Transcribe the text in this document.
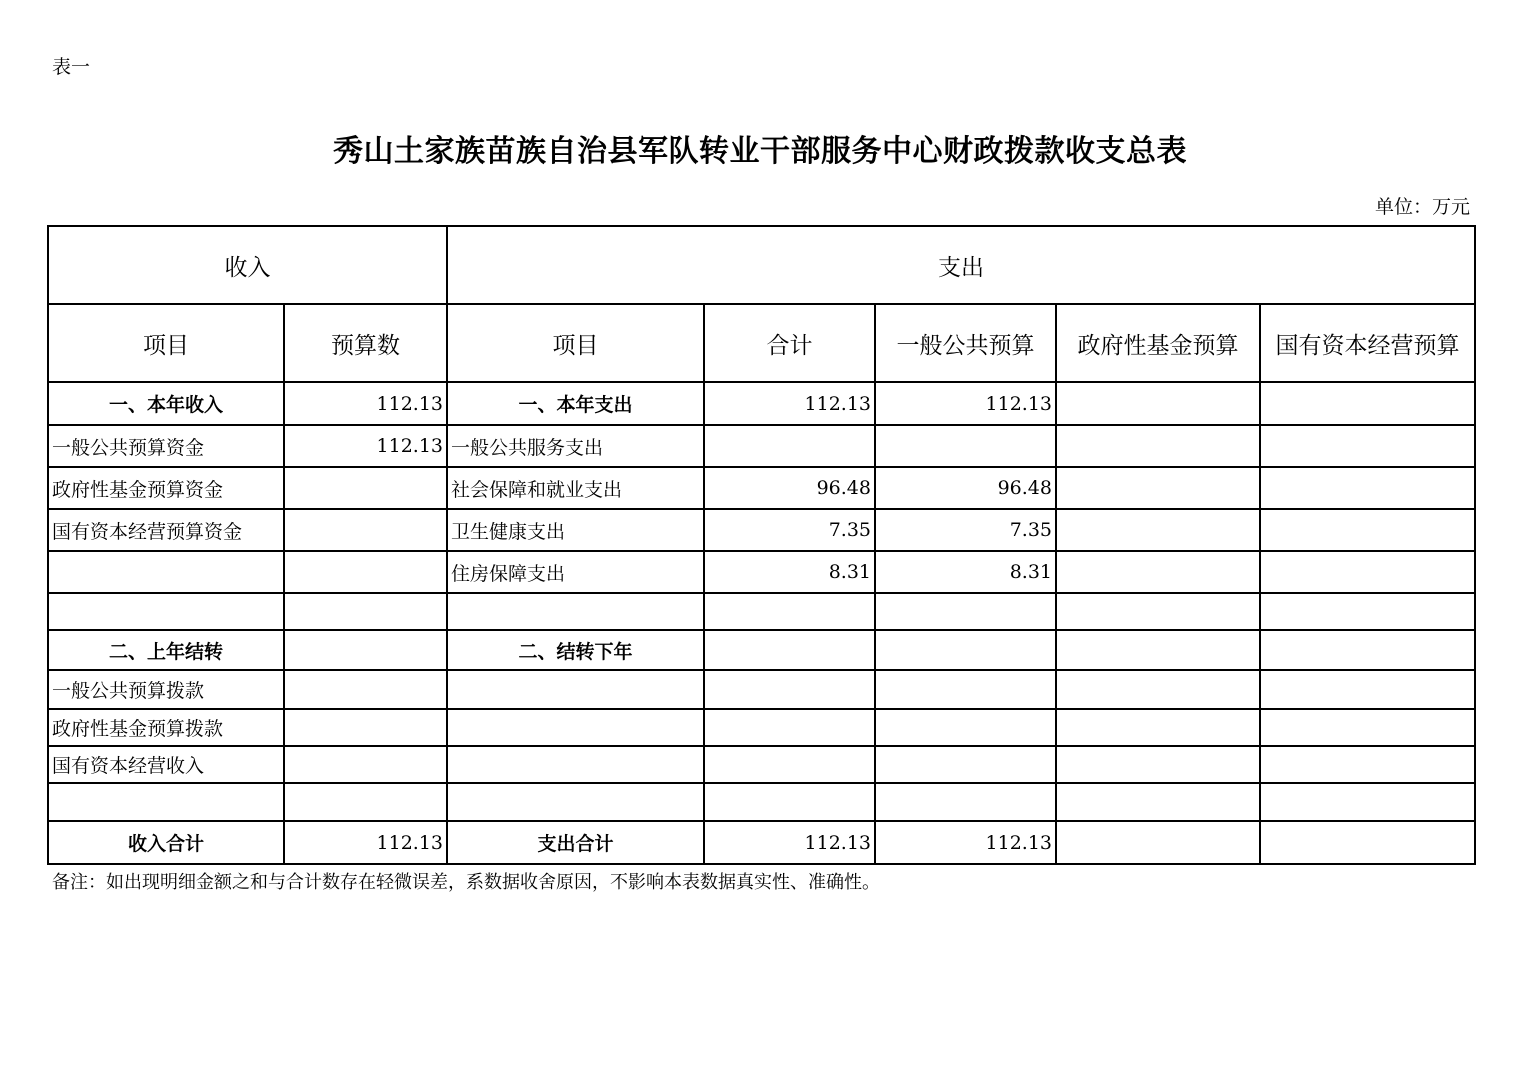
表一
秀山土家族苗族自治县军队转业干部服务中心财政拨款收支总表
单位：万元
收入		支出				
项目	预算数	项目	合计	一般公共预算	政府性基金预算	国有资本经营预算
一、本年收入	112.13	一、本年支出	112.13	112.13		
一般公共预算资金	112.13	一般公共服务支出				
政府性基金预算资金		社会保障和就业支出	96.48	96.48		
国有资本经营预算资金		卫生健康支出	7.35	7.35		
		住房保障支出	8.31	8.31		

二、上年结转		二、结转下年				
一般公共预算拨款						
政府性基金预算拨款						
国有资本经营收入						

收入合计	112.13	支出合计	112.13	112.13		
备注：如出现明细金额之和与合计数存在轻微误差，系数据收舍原因，不影响本表数据真实性、准确性。
